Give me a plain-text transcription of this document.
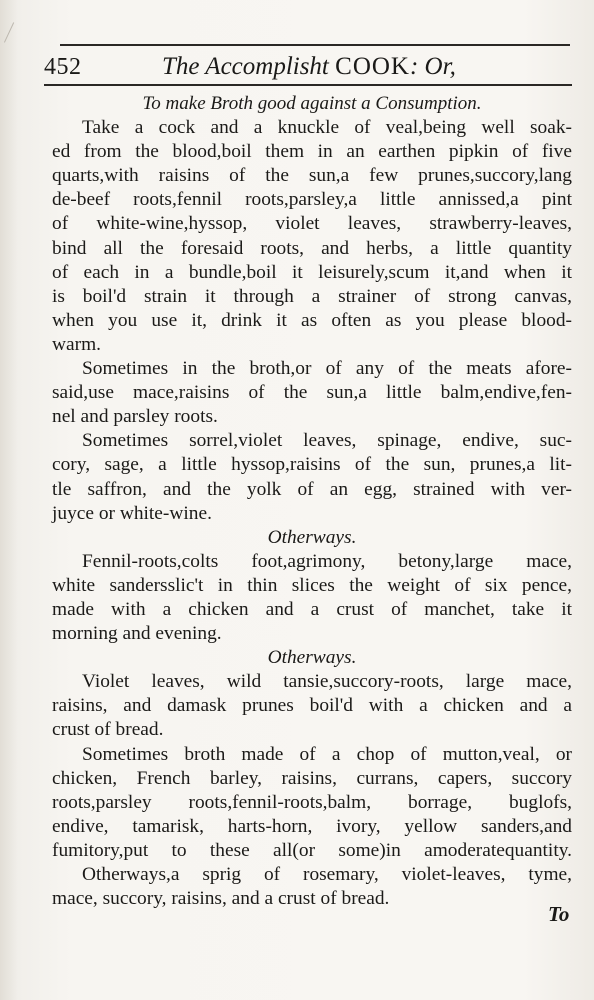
452	The Accomplisht COOK: Or,
To make Broth good against a Consumption.
Take a cock and a knuckle of veal,being well soak-
ed from the blood,boil them in an earthen pipkin of five
quarts,with raisins of the sun,a few prunes,succory,lang
de-beef roots,fennil roots,parsley,a little annissed,a pint
of white-wine,hyssop, violet leaves, strawberry-leaves,
bind all the foresaid roots, and herbs, a little quantity
of each in a bundle,boil it leisurely,scum it,and when it
is boil'd strain it through a strainer of strong canvas,
when you use it, drink it as often as you please blood-
warm.
Sometimes in the broth,or of any of the meats afore-
said,use mace,raisins of the sun,a little balm,endive,fen-
nel and parsley roots.
Sometimes sorrel,violet leaves, spinage, endive, suc-
cory, sage, a little hyssop,raisins of the sun, prunes,a lit-
tle saffron, and the yolk of an egg, strained with ver-
juyce or white-wine.
Otherways.
Fennil-roots,colts foot,agrimony, betony,large mace,
white sandersslic't in thin slices the weight of six pence,
made with a chicken and a crust of manchet, take it
morning and evening.
Otherways.
Violet leaves, wild tansie,succory-roots, large mace,
raisins, and damask prunes boil'd with a chicken and a
crust of bread.
Sometimes broth made of a chop of mutton,veal, or
chicken, French barley, raisins, currans, capers, succory
roots,parsley roots,fennil-roots,balm, borrage, buglofs,
endive, tamarisk, harts-horn, ivory, yellow sanders,and
fumitory,put to these all(or some)in amoderatequantity.
Otherways,a sprig of rosemary, violet-leaves, tyme,
mace, succory, raisins, and a crust of bread.
To
